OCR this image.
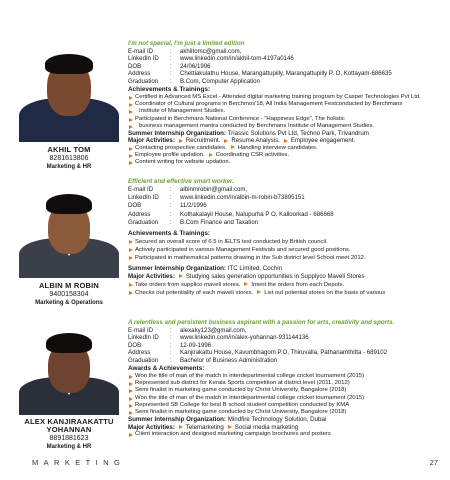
AKHIL TOM
8281613806
Marketing & HR
I'm not special, I'm just a limited edition
E-mail ID	: akhiltomc@gmail.com,
LinkedIn ID : www.linkedin.com/in/akhil-tom-4197a0146
DOB	: 24/06/1996
Address	: Chettiakulathu House, Marangattupilly, Marangattupilly P. O, Kottayam-686635
Graduation : B.Com, Computer Application
Achievements & Trainings:
Certified in Advanced MS Excel - Attended digital marketing training program by Casper Technologies Pvt Ltd.
Coordinator of Cultural programs in Berchmos'18, All India Management Festconducted by Berchmans
Institute of Management Studies.
Participated in Berchmans National Conference - "Happiness Edge", The holistic
business management mantra conducted by Berchmans Institute of Management Studies.
Summer Internship Organization: Triassic Solutions Pvt Ltd, Techno Park, Trivandrum
Major Activities: Recruitment. Resume Analysis. Employee engagement.
Contacting prospective candidates. Handling interview candidates.
Employee profile updation. Coordinating CSR activities.
Content writing for website updation.
ALBIN M ROBIN
9400158304
Marketing & Operations
Efficient and effective smart worker.
E-mail ID	: albinmrobin@gmail.com,
LinkedIn ID : www.linkedin.com/in/albin-m-robin-b73895151
DOB	: 11/2/1996
Address	: Kothakalayil House, Nalupurha P O, Kalloorkad - 686668
Graduation : B.Com Finance and Taxation
Achievements & Trainings:
Secured an overall score of 6.5 in IELTS test conducted by British council.
Actively participated in various Management Festivals and secured good positions.
Participated in mathematical patterns drawing in the Sub district level School meet 2012.
Summer Internship Organization: ITC Limited, Cochin
Major Activities: Studying sales generation opportunities in Supplyco Maveli Stores
Take orders from supplico maveli stores. Intent the orders from each Depots.
Checks out potentiality of each maveli stores. List out potential stores on the basis of various
ALEX KANJIRAAKATTU
YOHANNAN
8891881623
Marketing & HR
A relentless and persistent business aspirant with a passion for arts, creativity and sports.
E-mail ID	: alexaky123@gmail.com,
LinkedIn ID : www.linkedin.com/in/alex-yohannan-931144136
DOB	: 12-09-1996
Address	: Kanjirakattu House, Kavumbhagom P.O, Thiruvalla, Pathanamthitta - 689102
Graduation : Bachelor of Business Administration
Awards & Achievements:
Won the title of man of the match in interdepartmental college cricket tournament (2015)
Represented sub district for Kerala Sports competition at district level (2011, 2012)
Semi finalist in marketing game conducted by Christ University, Bangalore (2018)
Won the title of man of the match in interdepartmental college cricket tournament (2015)
Represented SB College for best B school student competition conducted by KMA
Semi finalist in marketing game conducted by Christ University, Bangalore (2018)
Summer Internship Organization: Mindfire Technology Solution, Dubai
Major Activities: Telemarketing Social media marketing
Client interaction and designed marketing campaign brochures and posters
MARKETING	27
